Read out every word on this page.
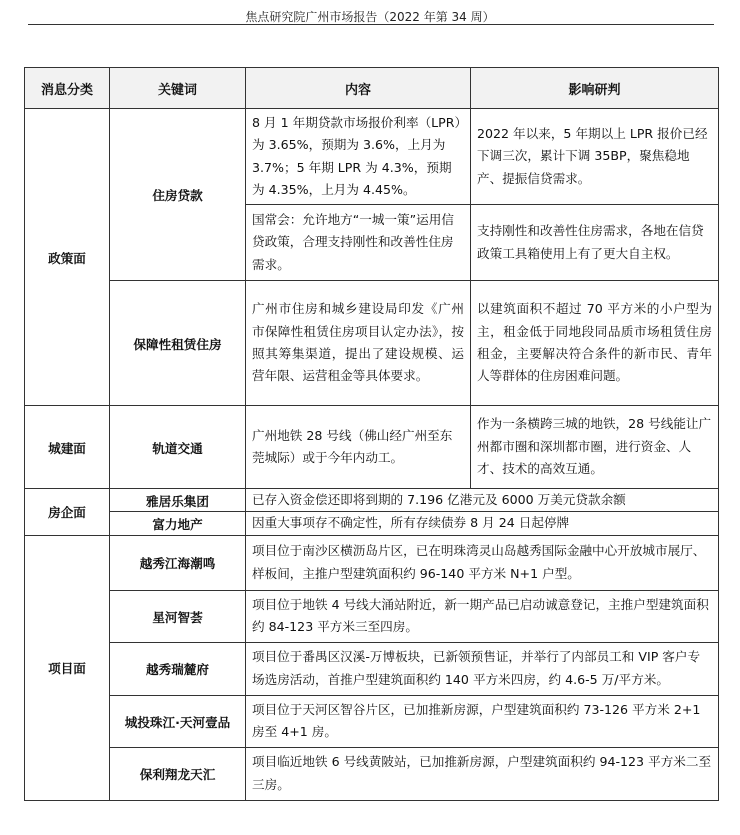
焦点研究院广州市场报告（2022 年第 34 周）
消息分类	关键词	内容	影响研判
政策面	住房贷款	8 月 1 年期贷款市场报价利率（LPR）为 3.65%，预期为 3.6%，上月为 3.7%；5 年期 LPR 为 4.3%，预期为 4.35%，上月为 4.45%。	2022 年以来，5 年期以上 LPR 报价已经下调三次，累计下调 35BP，聚焦稳地产、提振信贷需求。
		国常会：允许地方“一城一策”运用信贷政策，合理支持刚性和改善性住房需求。	支持刚性和改善性住房需求，各地在信贷政策工具箱使用上有了更大自主权。
	保障性租赁住房	广州市住房和城乡建设局印发《广州市保障性租赁住房项目认定办法》，按照其筹集渠道，提出了建设规模、运营年限、运营租金等具体要求。	以建筑面积不超过 70 平方米的小户型为主，租金低于同地段同品质市场租赁住房租金，主要解决符合条件的新市民、青年人等群体的住房困难问题。
城建面	轨道交通	广州地铁 28 号线（佛山经广州至东莞城际）或于今年内动工。	作为一条横跨三城的地铁，28 号线能让广州都市圈和深圳都市圈，进行资金、人才、技术的高效互通。
房企面	雅居乐集团	已存入资金偿还即将到期的 7.196 亿港元及 6000 万美元贷款余额	
	富力地产	因重大事项存不确定性，所有存续债券 8 月 24 日起停牌	
项目面	越秀江海潮鸣	项目位于南沙区横沥岛片区，已在明珠湾灵山岛越秀国际金融中心开放城市展厅、样板间，主推户型建筑面积约 96-140 平方米 N+1 户型。	
	星河智荟	项目位于地铁 4 号线大涌站附近，新一期产品已启动诚意登记，主推户型建筑面积约 84-123 平方米三至四房。	
	越秀瑞麓府	项目位于番禺区汉溪-万博板块，已新领预售证，并举行了内部员工和 VIP 客户专场选房活动，首推户型建筑面积约 140 平方米四房，约 4.6-5 万/平方米。	
	城投珠江·天河壹品	项目位于天河区智谷片区，已加推新房源，户型建筑面积约 73-126 平方米 2+1 房至 4+1 房。	
	保利翔龙天汇	项目临近地铁 6 号线黄陂站，已加推新房源，户型建筑面积约 94-123 平方米二至三房。	
